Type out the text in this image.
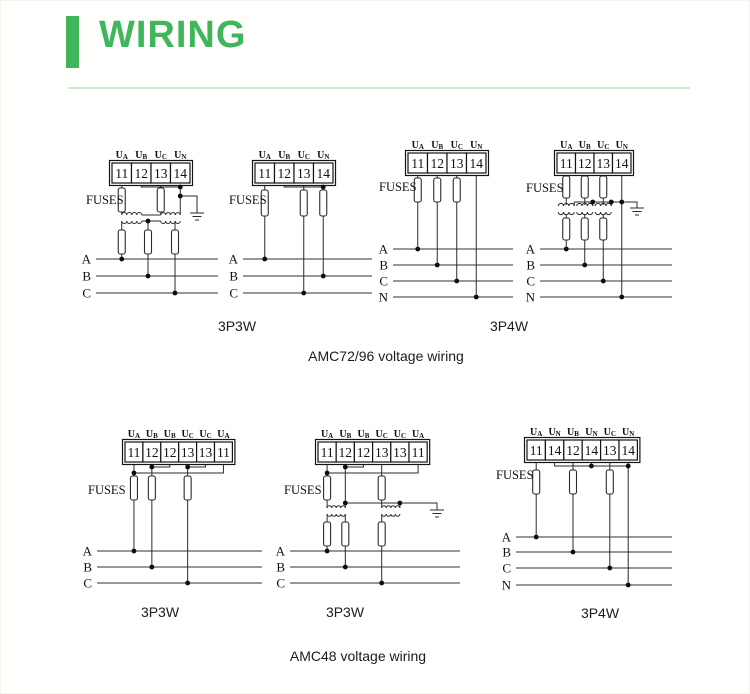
WIRING
3P3W	3P4W
AMC72/96 voltage wiring
3P3W	3P3W	3P4W
AMC48 voltage wiring
A
B
C
FUSES
11
UA
12
UB
13
UC
14
UN
A
B
C
FUSES
11
UA
12
UB
13
UC
14
UN
A
B
C
N
FUSES
11
UA
12
UB
13
UC
14
UN
A
B
C
N
FUSES
11
UA
12
UB
13
UC
14
UN
A
B
C
FUSES
11
UA
12
UB
12
UB
13
UC
13
UC
11
UA
A
B
C
FUSES
11
UA
12
UB
12
UB
13
UC
13
UC
11
UA
A
B
C
N
FUSES
11
UA
14
UN
12
UB
14
UN
13
UC
14
UN
